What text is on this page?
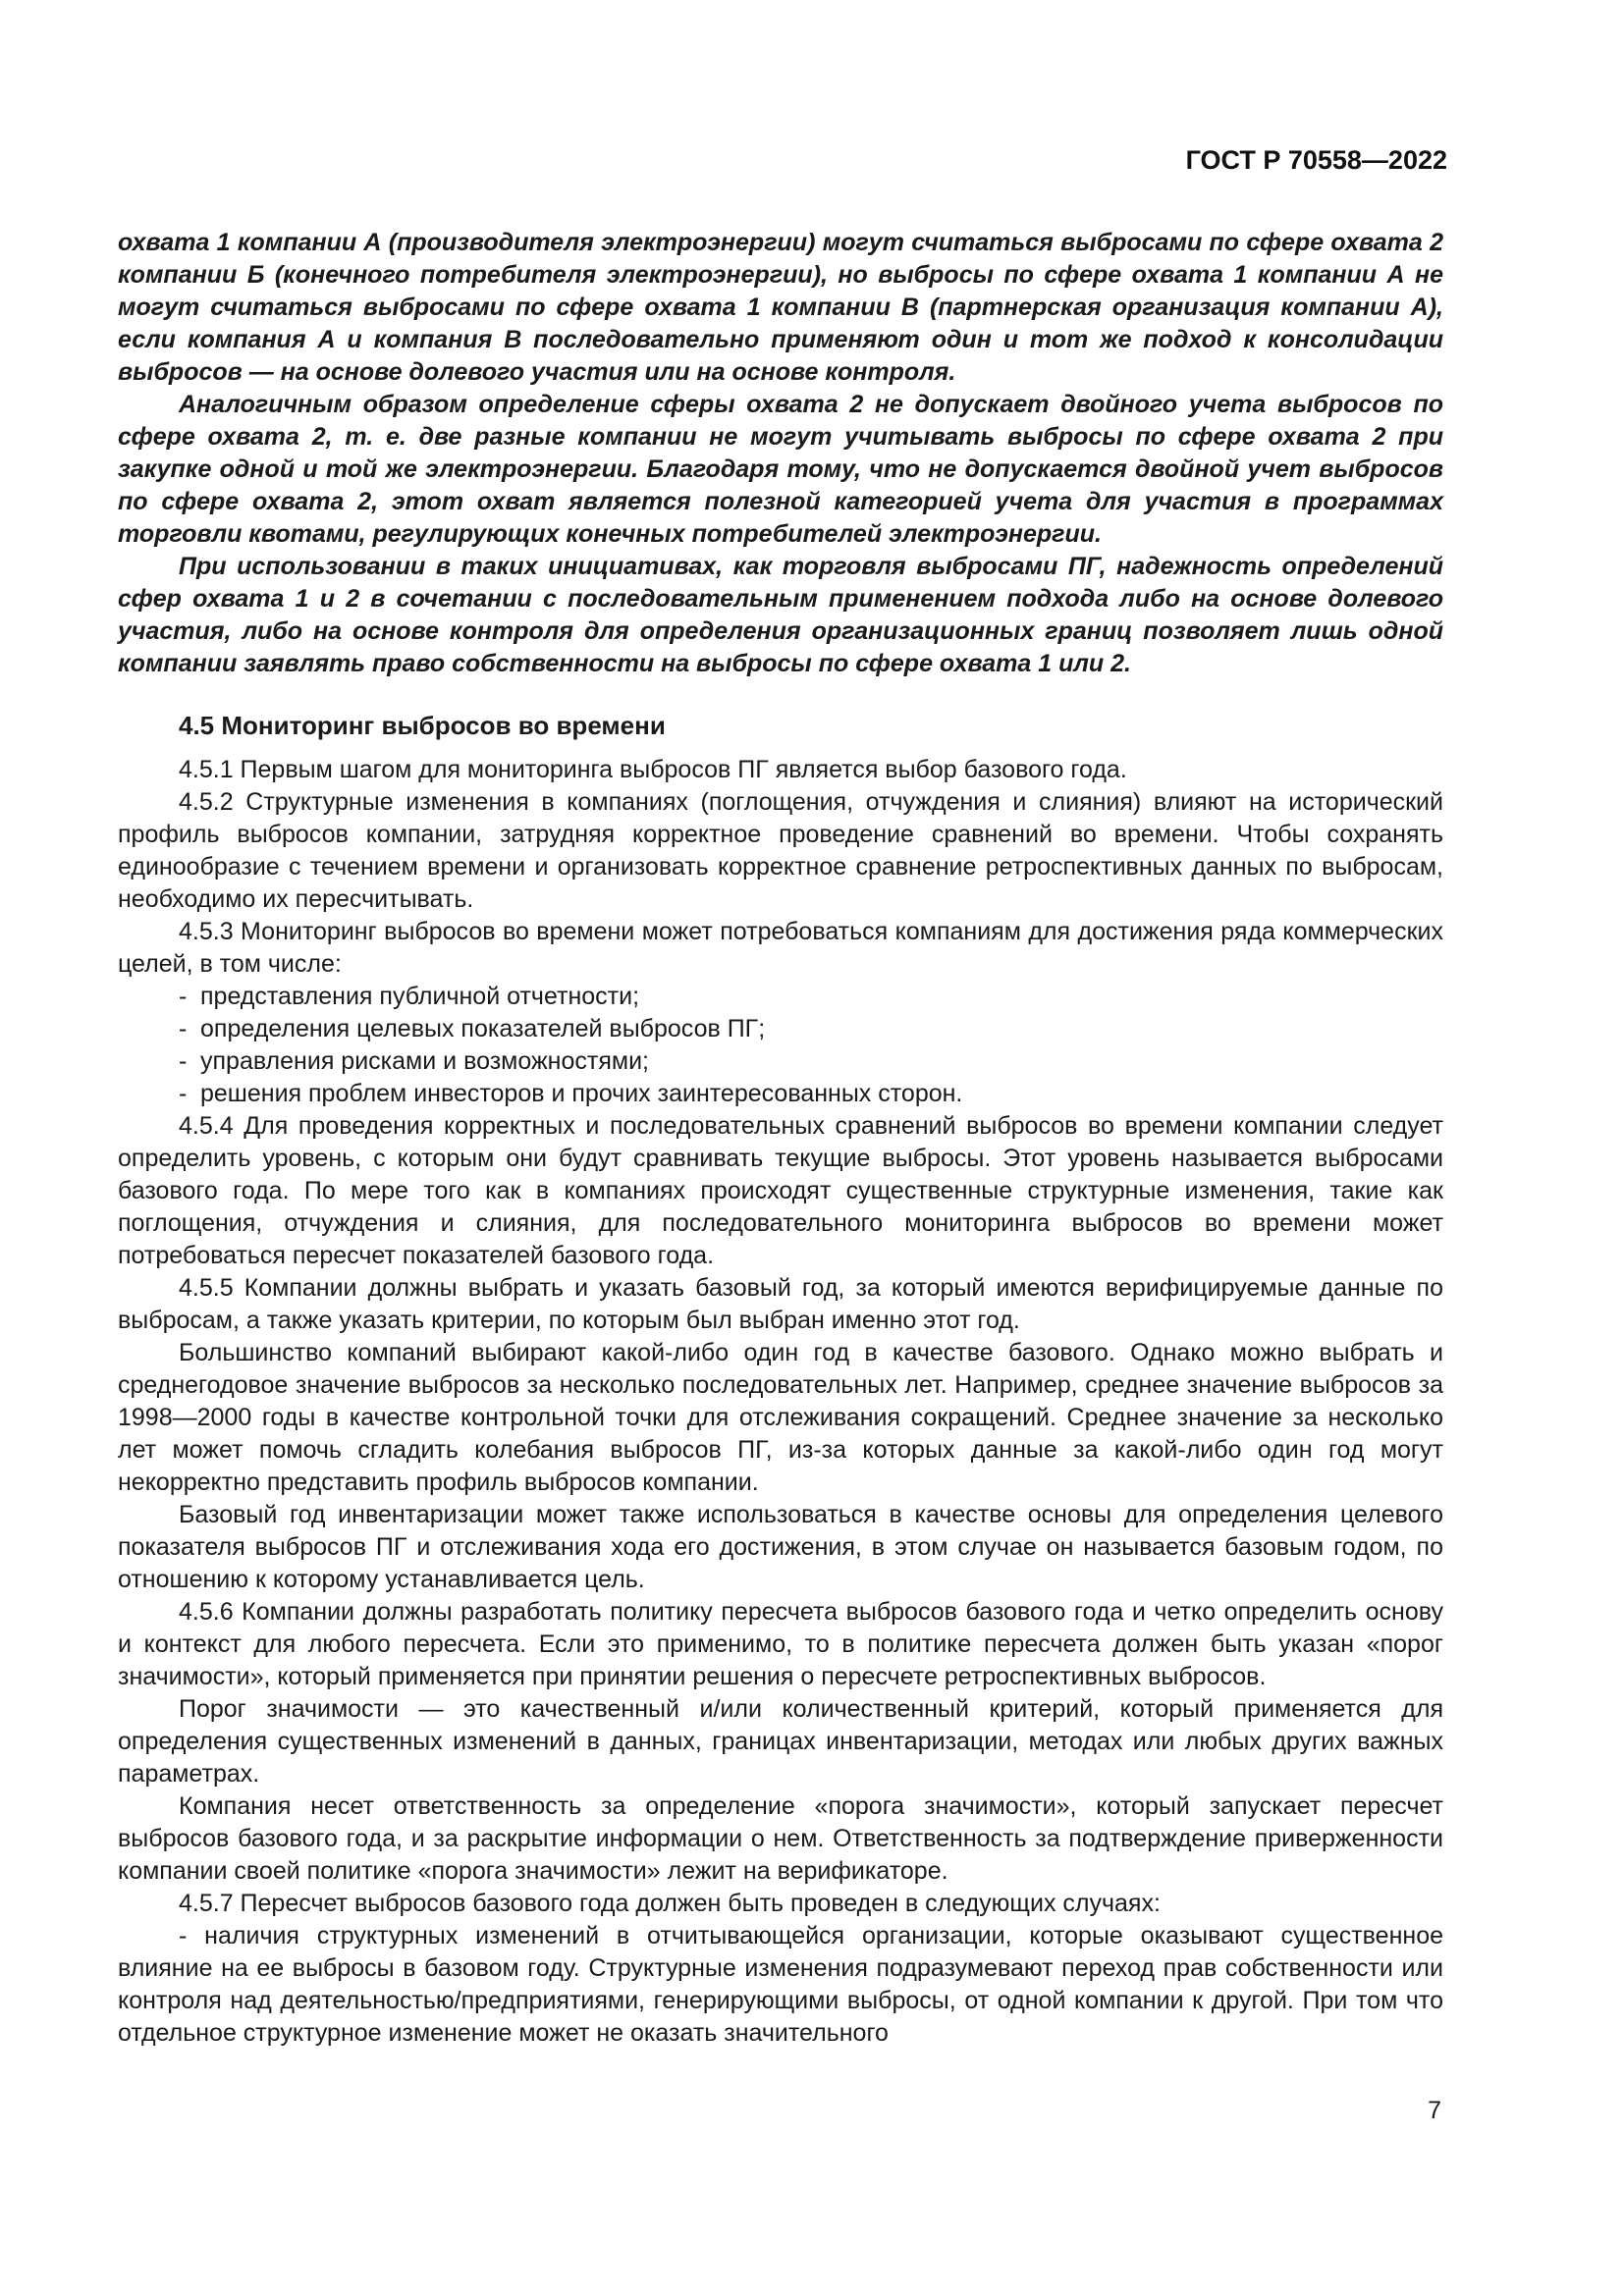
ГОСТ Р 70558—2022

охвата 1 компании А (производителя электроэнергии) могут считаться выбросами по сфере охвата 2 компании Б (конечного потребителя электроэнергии), но выбросы по сфере охвата 1 компании А не могут считаться выбросами по сфере охвата 1 компании В (партнерская организация компании А), если компания А и компания В последовательно применяют один и тот же подход к консолидации выбросов — на основе долевого участия или на основе контроля.

Аналогичным образом определение сферы охвата 2 не допускает двойного учета выбросов по сфере охвата 2, т. е. две разные компании не могут учитывать выбросы по сфере охвата 2 при закупке одной и той же электроэнергии. Благодаря тому, что не допускается двойной учет выбросов по сфере охвата 2, этот охват является полезной категорией учета для участия в программах торговли квотами, регулирующих конечных потребителей электроэнергии.

При использовании в таких инициативах, как торговля выбросами ПГ, надежность определений сфер охвата 1 и 2 в сочетании с последовательным применением подхода либо на основе долевого участия, либо на основе контроля для определения организационных границ позволяет лишь одной компании заявлять право собственности на выбросы по сфере охвата 1 или 2.

4.5 Мониторинг выбросов во времени

4.5.1 Первым шагом для мониторинга выбросов ПГ является выбор базового года.

4.5.2 Структурные изменения в компаниях (поглощения, отчуждения и слияния) влияют на исторический профиль выбросов компании, затрудняя корректное проведение сравнений во времени. Чтобы сохранять единообразие с течением времени и организовать корректное сравнение ретроспективных данных по выбросам, необходимо их пересчитывать.

4.5.3 Мониторинг выбросов во времени может потребоваться компаниям для достижения ряда коммерческих целей, в том числе:

- представления публичной отчетности;
- определения целевых показателей выбросов ПГ;
- управления рисками и возможностями;
- решения проблем инвесторов и прочих заинтересованных сторон.

4.5.4 Для проведения корректных и последовательных сравнений выбросов во времени компании следует определить уровень, с которым они будут сравнивать текущие выбросы. Этот уровень называется выбросами базового года. По мере того как в компаниях происходят существенные структурные изменения, такие как поглощения, отчуждения и слияния, для последовательного мониторинга выбросов во времени может потребоваться пересчет показателей базового года.

4.5.5 Компании должны выбрать и указать базовый год, за который имеются верифицируемые данные по выбросам, а также указать критерии, по которым был выбран именно этот год.

Большинство компаний выбирают какой-либо один год в качестве базового. Однако можно выбрать и среднегодовое значение выбросов за несколько последовательных лет. Например, среднее значение выбросов за 1998—2000 годы в качестве контрольной точки для отслеживания сокращений. Среднее значение за несколько лет может помочь сгладить колебания выбросов ПГ, из-за которых данные за какой-либо один год могут некорректно представить профиль выбросов компании.

Базовый год инвентаризации может также использоваться в качестве основы для определения целевого показателя выбросов ПГ и отслеживания хода его достижения, в этом случае он называется базовым годом, по отношению к которому устанавливается цель.

4.5.6 Компании должны разработать политику пересчета выбросов базового года и четко определить основу и контекст для любого пересчета. Если это применимо, то в политике пересчета должен быть указан «порог значимости», который применяется при принятии решения о пересчете ретроспективных выбросов.

Порог значимости — это качественный и/или количественный критерий, который применяется для определения существенных изменений в данных, границах инвентаризации, методах или любых других важных параметрах.

Компания несет ответственность за определение «порога значимости», который запускает пересчет выбросов базового года, и за раскрытие информации о нем. Ответственность за подтверждение приверженности компании своей политике «порога значимости» лежит на верификаторе.

4.5.7 Пересчет выбросов базового года должен быть проведен в следующих случаях:

- наличия структурных изменений в отчитывающейся организации, которые оказывают существенное влияние на ее выбросы в базовом году. Структурные изменения подразумевают переход прав собственности или контроля над деятельностью/предприятиями, генерирующими выбросы, от одной компании к другой. При том что отдельное структурное изменение может не оказать значительного

7
